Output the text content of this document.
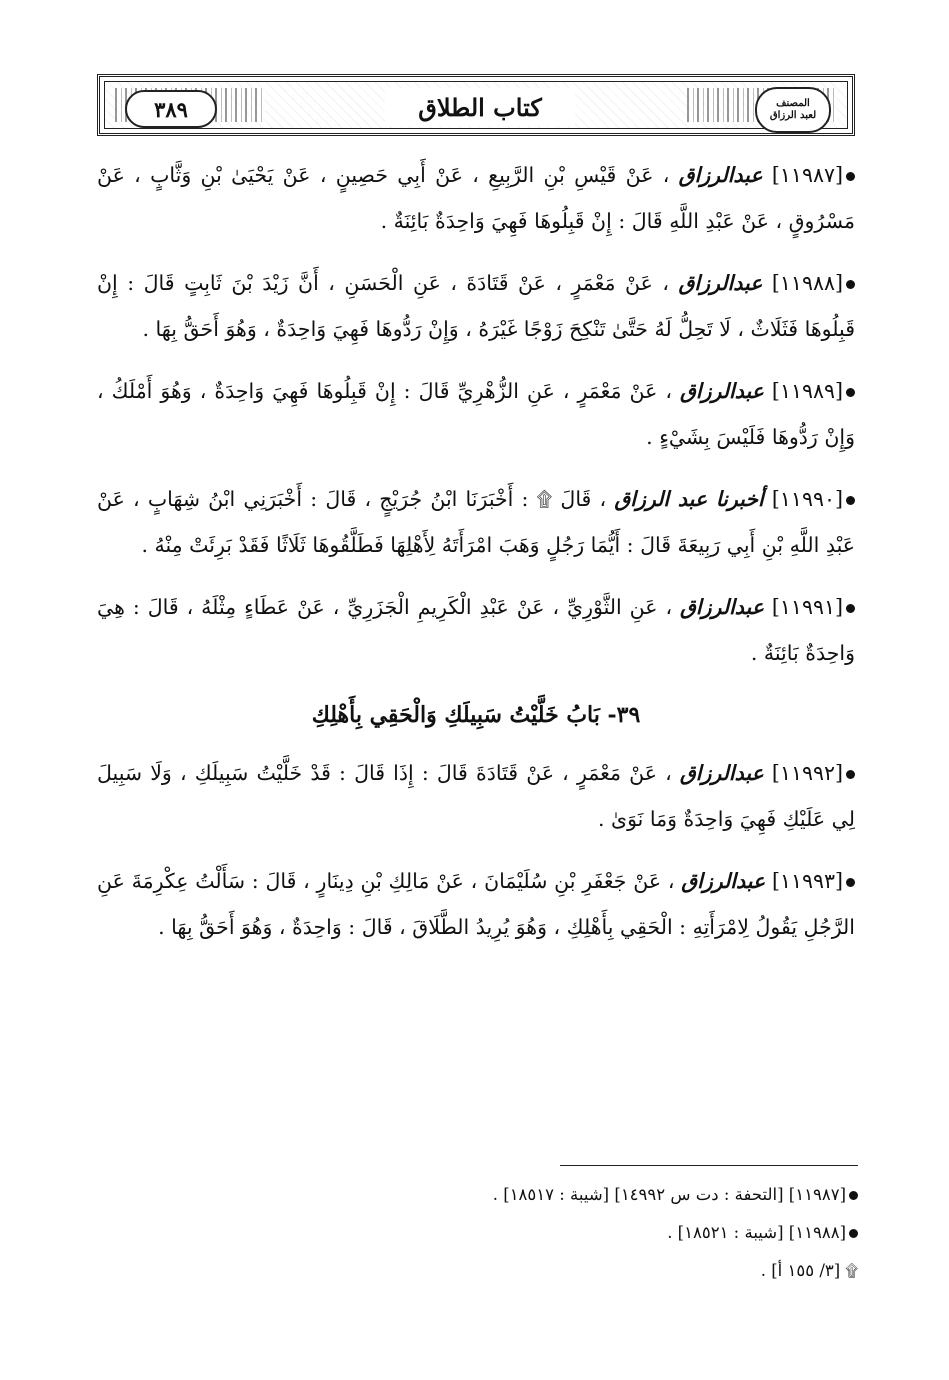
٣٨٩	كتاب الطلاق	المصنف
لعبد الرزاق

[١١٩٨٧] عبدالرزاق ، عَنْ قَيْسِ بْنِ الرَّبِيعِ ، عَنْ أَبِي حَصِينٍ ، عَنْ يَحْيَىٰ بْنِ وَثَّابٍ ، عَنْ مَسْرُوقٍ ، عَنْ عَبْدِ اللَّهِ قَالَ : إِنْ قَبِلُوهَا فَهِيَ وَاحِدَةٌ بَائِنَةٌ .

[١١٩٨٨] عبدالرزاق ، عَنْ مَعْمَرٍ ، عَنْ قَتَادَةَ ، عَنِ الْحَسَنِ ، أَنَّ زَيْدَ بْنَ ثَابِتٍ قَالَ : إِنْ قَبِلُوهَا فَثَلَاثٌ ، لَا تَحِلُّ لَهُ حَتَّىٰ تَنْكِحَ زَوْجًا غَيْرَهُ ، وَإِنْ رَدُّوهَا فَهِيَ وَاحِدَةٌ ، وَهُوَ أَحَقُّ بِهَا .

[١١٩٨٩] عبدالرزاق ، عَنْ مَعْمَرٍ ، عَنِ الزُّهْرِيِّ قَالَ : إِنْ قَبِلُوهَا فَهِيَ وَاحِدَةٌ ، وَهُوَ أَمْلَكُ ، وَإِنْ رَدُّوهَا فَلَيْسَ بِشَيْءٍ .

[١١٩٩٠] أخبرنا عبد الرزاق ، قَالَ ۩ : أَخْبَرَنَا ابْنُ جُرَيْجٍ ، قَالَ : أَخْبَرَنِي ابْنُ شِهَابٍ ، عَنْ عَبْدِ اللَّهِ بْنِ أَبِي رَبِيعَةَ قَالَ : أَيُّمَا رَجُلٍ وَهَبَ امْرَأَتَهُ لِأَهْلِهَا فَطَلَّقُوهَا ثَلَاثًا فَقَدْ بَرِئَتْ مِنْهُ .

[١١٩٩١] عبدالرزاق ، عَنِ الثَّوْرِيِّ ، عَنْ عَبْدِ الْكَرِيمِ الْجَزَرِيِّ ، عَنْ عَطَاءٍ مِثْلَهُ ، قَالَ : هِيَ وَاحِدَةٌ بَائِنَةٌ .

٣٩- بَابُ خَلَّيْتُ سَبِيلَكِ وَالْحَقِي بِأَهْلِكِ

[١١٩٩٢] عبدالرزاق ، عَنْ مَعْمَرٍ ، عَنْ قَتَادَةَ قَالَ : إِذَا قَالَ : قَدْ خَلَّيْتُ سَبِيلَكِ ، وَلَا سَبِيلَ لِي عَلَيْكِ فَهِيَ وَاحِدَةٌ وَمَا نَوَىٰ .

[١١٩٩٣] عبدالرزاق ، عَنْ جَعْفَرِ بْنِ سُلَيْمَانَ ، عَنْ مَالِكِ بْنِ دِينَارٍ ، قَالَ : سَأَلْتُ عِكْرِمَةَ عَنِ الرَّجُلِ يَقُولُ لِامْرَأَتِهِ : الْحَقِي بِأَهْلِكِ ، وَهُوَ يُرِيدُ الطَّلَاقَ ، قَالَ : وَاحِدَةٌ ، وَهُوَ أَحَقُّ بِهَا .

[١١٩٨٧] [التحفة : دت س ١٤٩٩٢] [شيبة : ١٨٥١٧] .

[١١٩٨٨] [شيبة : ١٨٥٢١] .

۩ [٣/ ١٥٥ أ] .
